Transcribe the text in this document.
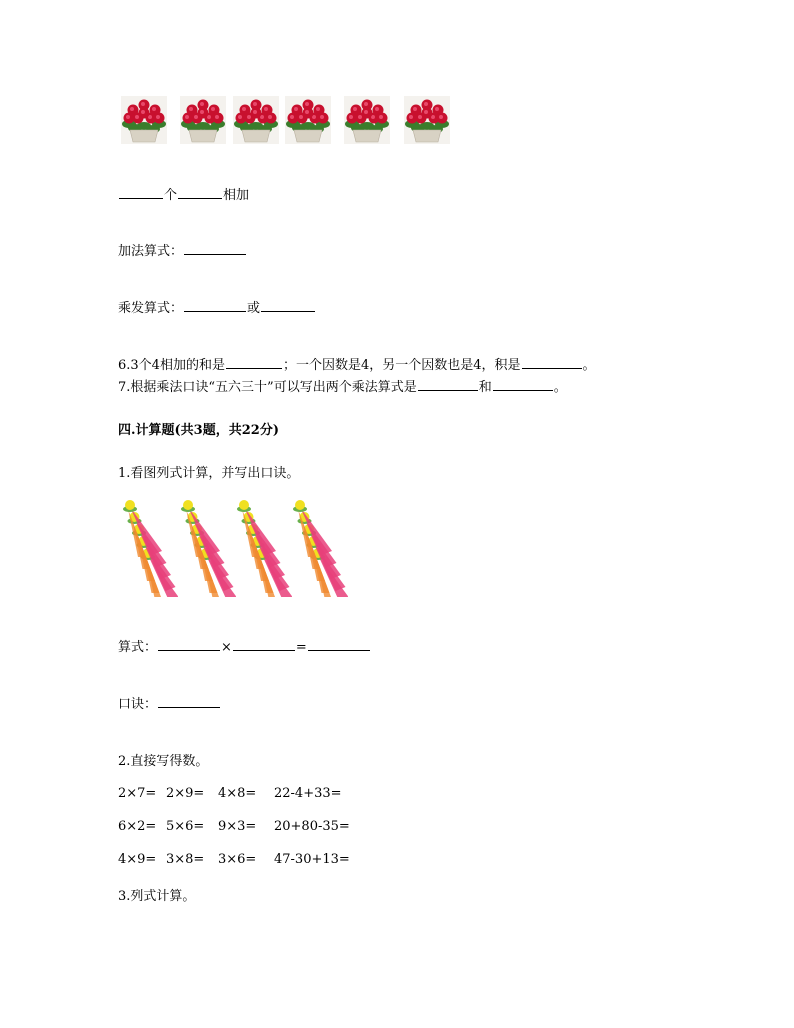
个	相加
加法算式：
乘发算式：	或
6.3个4相加的和是	；一个因数是4，另一个因数也是4，积是	。
7.根据乘法口诀“五六三十”可以写出两个乘法算式是	和	。
四.计算题(共3题，共22分)
1.看图列式计算，并写出口诀。
算式：	×	=
口诀：
2.直接写得数。
2×7= 2×9= 4×8= 22-4+33=
6×2= 5×6= 9×3= 20+80-35=
4×9= 3×8= 3×6= 47-30+13=
3.列式计算。
